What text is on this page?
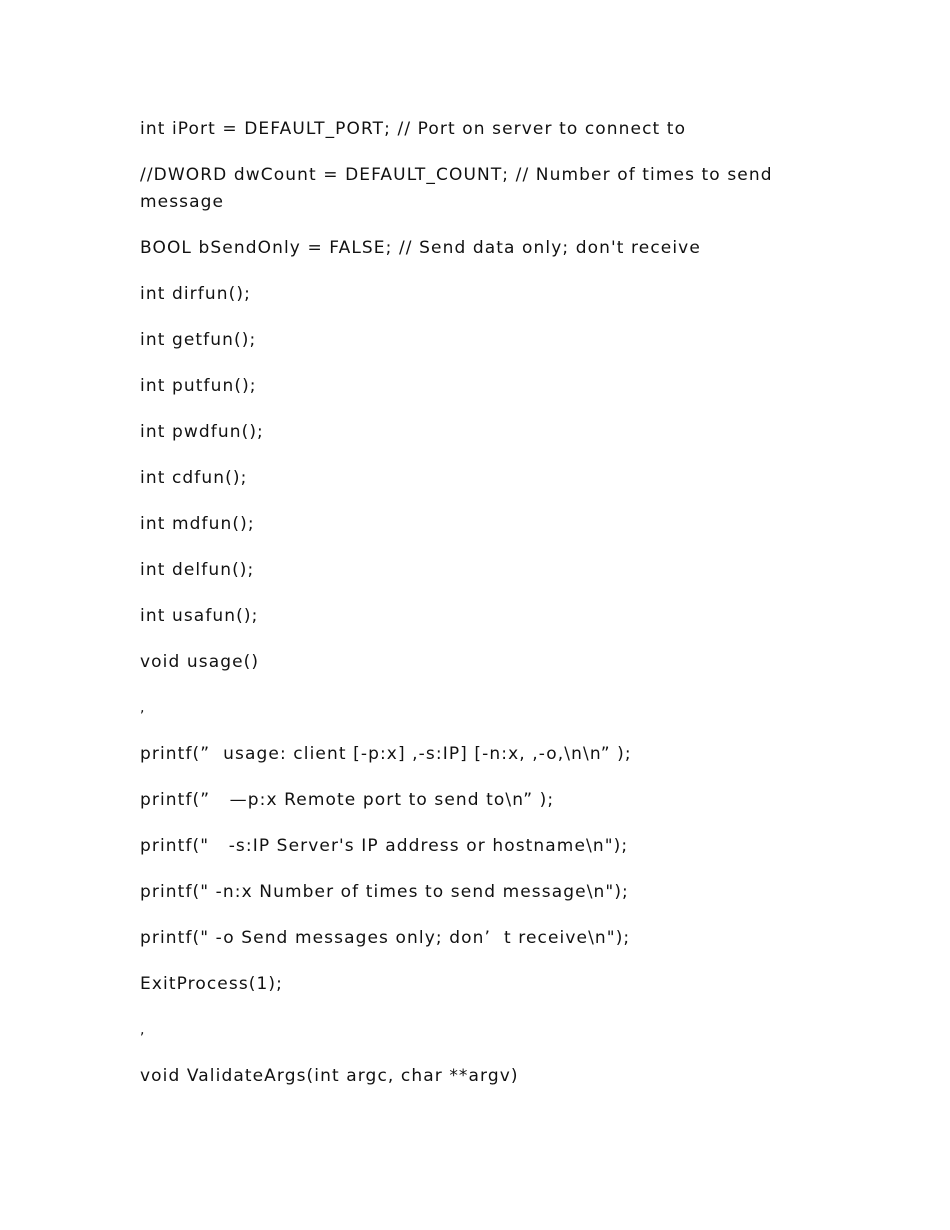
int iPort = DEFAULT_PORT; // Port on server to connect to

//DWORD dwCount = DEFAULT_COUNT; // Number of times to send message

BOOL bSendOnly = FALSE; // Send data only; don't receive

int dirfun();

int getfun();

int putfun();

int pwdfun();

int cdfun();

int mdfun();

int delfun();

int usafun();

void usage()

,

printf(”  usage: client [-p:x] ,-s:IP] [-n:x, ,-o,\n\n” );

printf(”   —p:x Remote port to send to\n” );

printf("   -s:IP Server's IP address or hostname\n");

printf(" -n:x Number of times to send message\n");

printf(" -o Send messages only; don’  t receive\n");

ExitProcess(1);

,

void ValidateArgs(int argc, char **argv)
